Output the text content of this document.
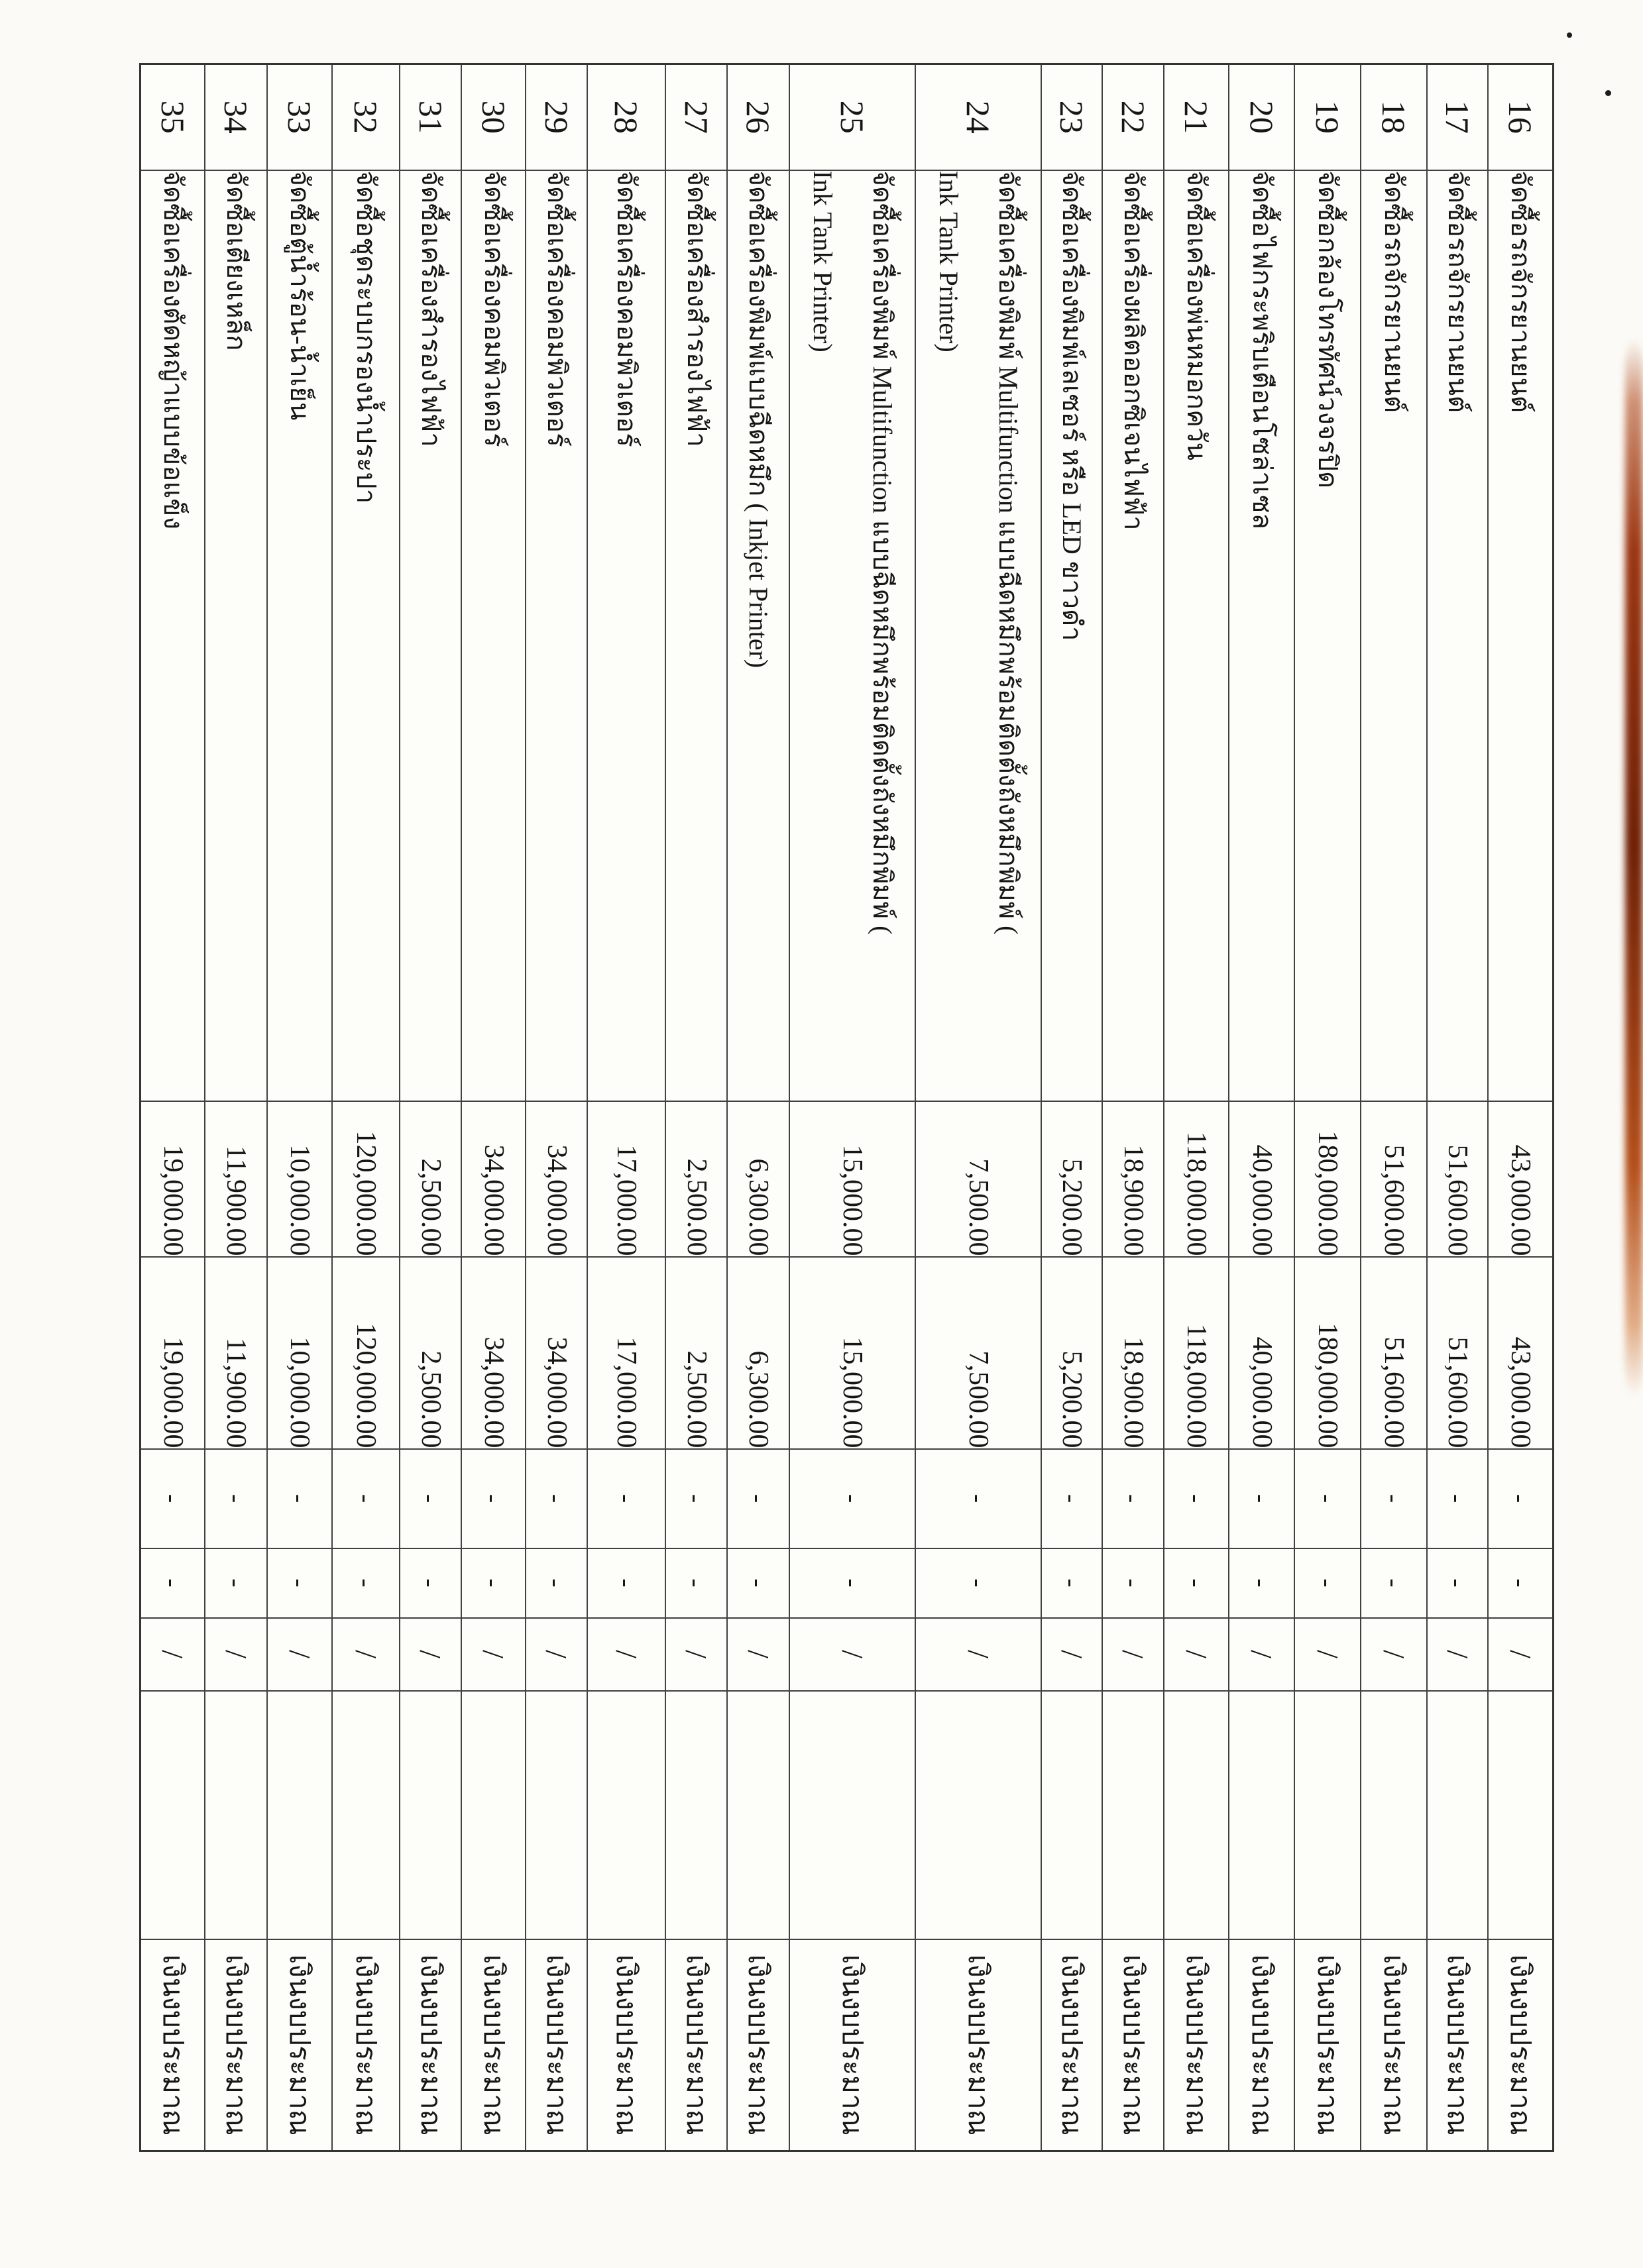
16	จัดซื้อรถจักรยานยนต์	43,000.00	43,000.00	-	-	/		เงินงบประมาณ
17	จัดซื้อรถจักรยานยนต์	51,600.00	51,600.00	-	-	/		เงินงบประมาณ
18	จัดซื้อรถจักรยานยนต์	51,600.00	51,600.00	-	-	/		เงินงบประมาณ
19	จัดซื้อกล้องโทรทัศน์วงจรปิด	180,000.00	180,000.00	-	-	/		เงินงบประมาณ
20	จัดซื้อไฟกระพริบเตือนโซล่าเซล	40,000.00	40,000.00	-	-	/		เงินงบประมาณ
21	จัดซื้อเครื่องพ่นหมอกควัน	118,000.00	118,000.00	-	-	/		เงินงบประมาณ
22	จัดซื้อเครื่องผลิตออกซิเจนไฟฟ้า	18,900.00	18,900.00	-	-	/		เงินงบประมาณ
23	จัดซื้อเครื่องพิมพ์เลเซอร์ หรือ LED ขาวดำ	5,200.00	5,200.00	-	-	/		เงินงบประมาณ
24	จัดซื้อเครื่องพิมพ์ Multifunction แบบฉีดหมึกพร้อมติดตั้งถังหมึกพิมพ์ (
Ink Tank Printer)	7,500.00	7,500.00	-	-	/		เงินงบประมาณ
25	จัดซื้อเครื่องพิมพ์ Multifunction แบบฉีดหมึกพร้อมติดตั้งถังหมึกพิมพ์ (
Ink Tank Printer)	15,000.00	15,000.00	-	-	/		เงินงบประมาณ
26	จัดซื้อเครื่องพิมพ์แบบฉีดหมึก ( Inkjet Printer)	6,300.00	6,300.00	-	-	/		เงินงบประมาณ
27	จัดซื้อเครื่องสำรองไฟฟ้า	2,500.00	2,500.00	-	-	/		เงินงบประมาณ
28	จัดซื้อเครื่องคอมพิวเตอร์	17,000.00	17,000.00	-	-	/		เงินงบประมาณ
29	จัดซื้อเครื่องคอมพิวเตอร์	34,000.00	34,000.00	-	-	/		เงินงบประมาณ
30	จัดซื้อเครื่องคอมพิวเตอร์	34,000.00	34,000.00	-	-	/		เงินงบประมาณ
31	จัดซื้อเครื่องสำรองไฟฟ้า	2,500.00	2,500.00	-	-	/		เงินงบประมาณ
32	จัดซื้อชุดระบบกรองน้ำประปา	120,000.00	120,000.00	-	-	/		เงินงบประมาณ
33	จัดซื้อตู้น้ำร้อน-น้ำเย็น	10,000.00	10,000.00	-	-	/		เงินงบประมาณ
34	จัดซื้อเตียงเหล็ก	11,900.00	11,900.00	-	-	/		เงินงบประมาณ
35	จัดซื้อเครื่องตัดหญ้าแบบข้อแข็ง	19,000.00	19,000.00	-	-	/		เงินงบประมาณ
